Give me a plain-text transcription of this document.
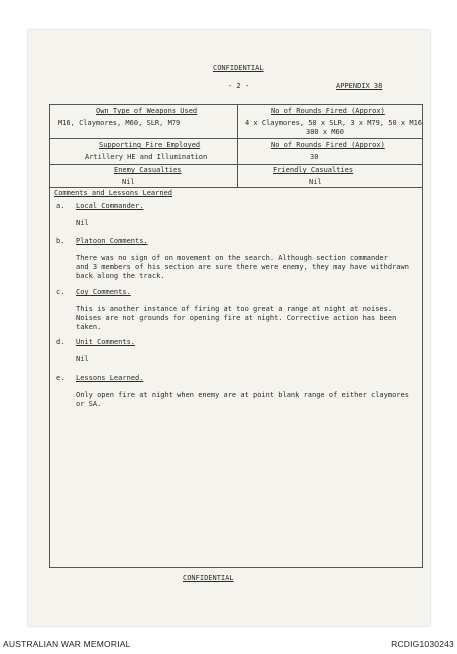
CONFIDENTIAL
- 2 -	APPENDIX 38
Own Type of Weapons Used
M16, Claymores, M60, SLR, M79
No of Rounds Fired (Approx)
4 x Claymores, 50 x SLR, 3 x M79, 50 x M16
300 x M60
Supporting Fire Employed
Artillery HE and Illumination
No of Rounds Fired (Approx)
30
Enemy Casualties
Nil
Friendly Casualties
Nil
Comments and Lessons Learned
a. Local Commander.
Nil
b. Platoon Comments.
There was no sign of on movement on the search. Although section commander
and 3 members of his section are sure there were enemy, they may have withdrawn
back along the track.
c. Coy Comments.
This is another instance of firing at too great a range at night at noises.
Noises are not grounds for opening fire at night. Corrective action has been
taken.
d. Unit Comments.
Nil
e. Lessons Learned.
Only open fire at night when enemy are at point blank range of either claymores
or SA.
CONFIDENTIAL
AUSTRALIAN WAR MEMORIAL	RCDIG1030243
